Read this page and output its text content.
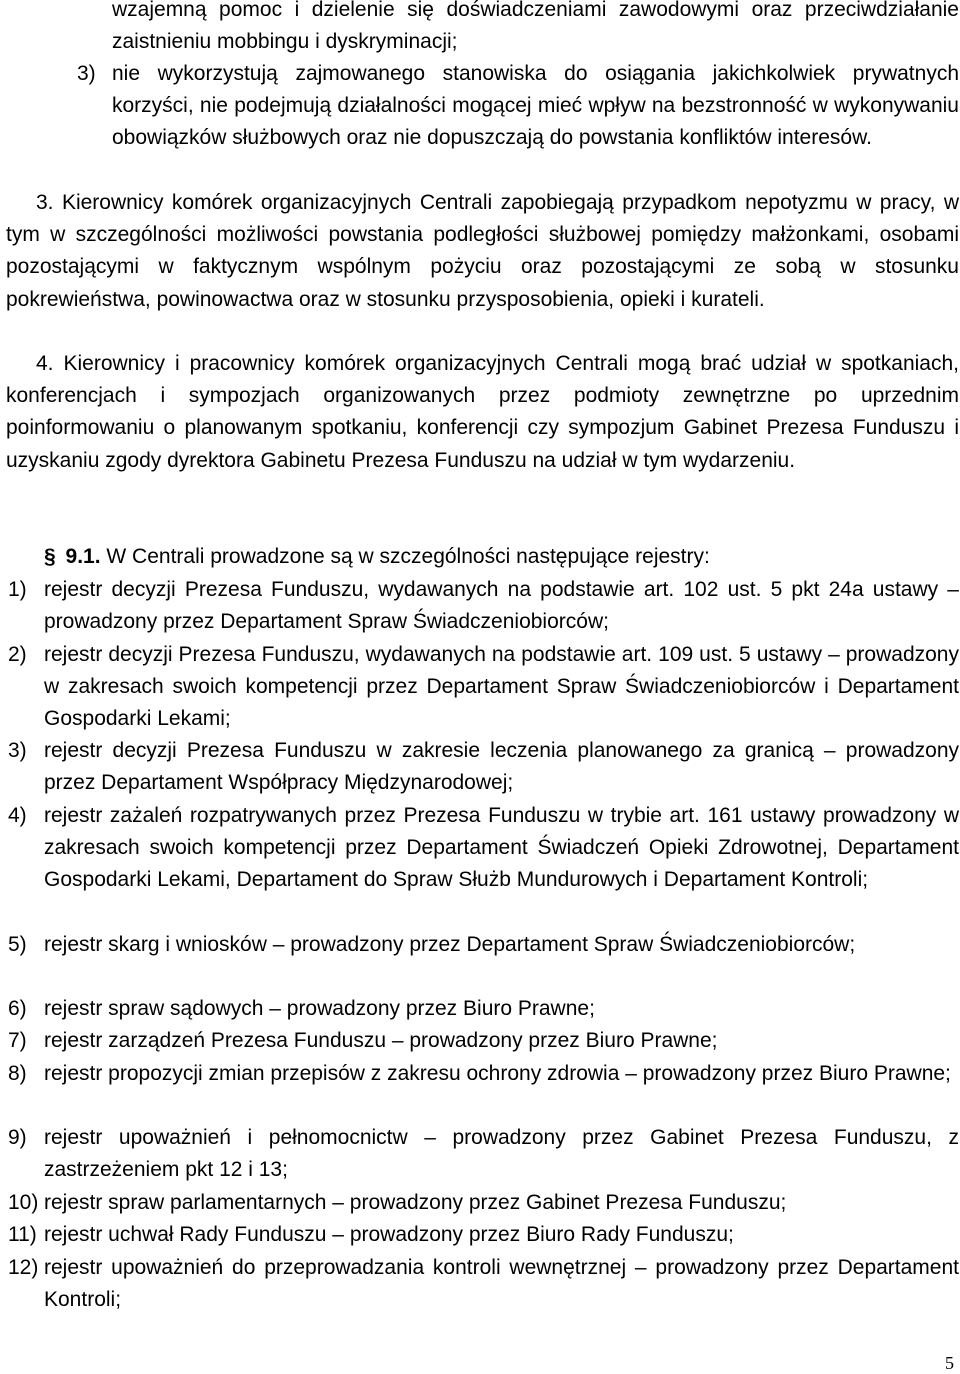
wzajemną pomoc i dzielenie się doświadczeniami zawodowymi oraz przeciwdziałanie zaistnieniu mobbingu i dyskryminacji;
3) nie wykorzystują zajmowanego stanowiska do osiągania jakichkolwiek prywatnych korzyści, nie podejmują działalności mogącej mieć wpływ na bezstronność w wykonywaniu obowiązków służbowych oraz nie dopuszczają do powstania konfliktów interesów.
3. Kierownicy komórek organizacyjnych Centrali zapobiegają przypadkom nepotyzmu w pracy, w tym w szczególności możliwości powstania podległości służbowej pomiędzy małżonkami, osobami pozostającymi w faktycznym wspólnym pożyciu oraz pozostającymi ze sobą w stosunku pokrewieństwa, powinowactwa oraz w stosunku przysposobienia, opieki i kurateli.
4. Kierownicy i pracownicy komórek organizacyjnych Centrali mogą brać udział w spotkaniach, konferencjach i sympozjach organizowanych przez podmioty zewnętrzne po uprzednim poinformowaniu o planowanym spotkaniu, konferencji czy sympozjum Gabinet Prezesa Funduszu i uzyskaniu zgody dyrektora Gabinetu Prezesa Funduszu na udział w tym wydarzeniu.
§ 9.1. W Centrali prowadzone są w szczególności następujące rejestry:
1) rejestr decyzji Prezesa Funduszu, wydawanych na podstawie art. 102 ust. 5 pkt 24a ustawy – prowadzony przez Departament Spraw Świadczeniobiorców;
2) rejestr decyzji Prezesa Funduszu, wydawanych na podstawie art. 109 ust. 5 ustawy – prowadzony w zakresach swoich kompetencji przez Departament Spraw Świadczeniobiorców i Departament Gospodarki Lekami;
3) rejestr decyzji Prezesa Funduszu w zakresie leczenia planowanego za granicą – prowadzony przez Departament Współpracy Międzynarodowej;
4) rejestr zażaleń rozpatrywanych przez Prezesa Funduszu w trybie art. 161 ustawy prowadzony w zakresach swoich kompetencji przez Departament Świadczeń Opieki Zdrowotnej, Departament Gospodarki Lekami, Departament do Spraw Służb Mundurowych i Departament Kontroli;
5) rejestr skarg i wniosków – prowadzony przez Departament Spraw Świadczeniobiorców;
6) rejestr spraw sądowych – prowadzony przez Biuro Prawne;
7) rejestr zarządzeń Prezesa Funduszu – prowadzony przez Biuro Prawne;
8) rejestr propozycji zmian przepisów z zakresu ochrony zdrowia – prowadzony przez Biuro Prawne;
9) rejestr upoważnień i pełnomocnictw – prowadzony przez Gabinet Prezesa Funduszu, z zastrzeżeniem pkt 12 i 13;
10) rejestr spraw parlamentarnych – prowadzony przez Gabinet Prezesa Funduszu;
11) rejestr uchwał Rady Funduszu – prowadzony przez Biuro Rady Funduszu;
12) rejestr upoważnień do przeprowadzania kontroli wewnętrznej – prowadzony przez Departament Kontroli;
5
